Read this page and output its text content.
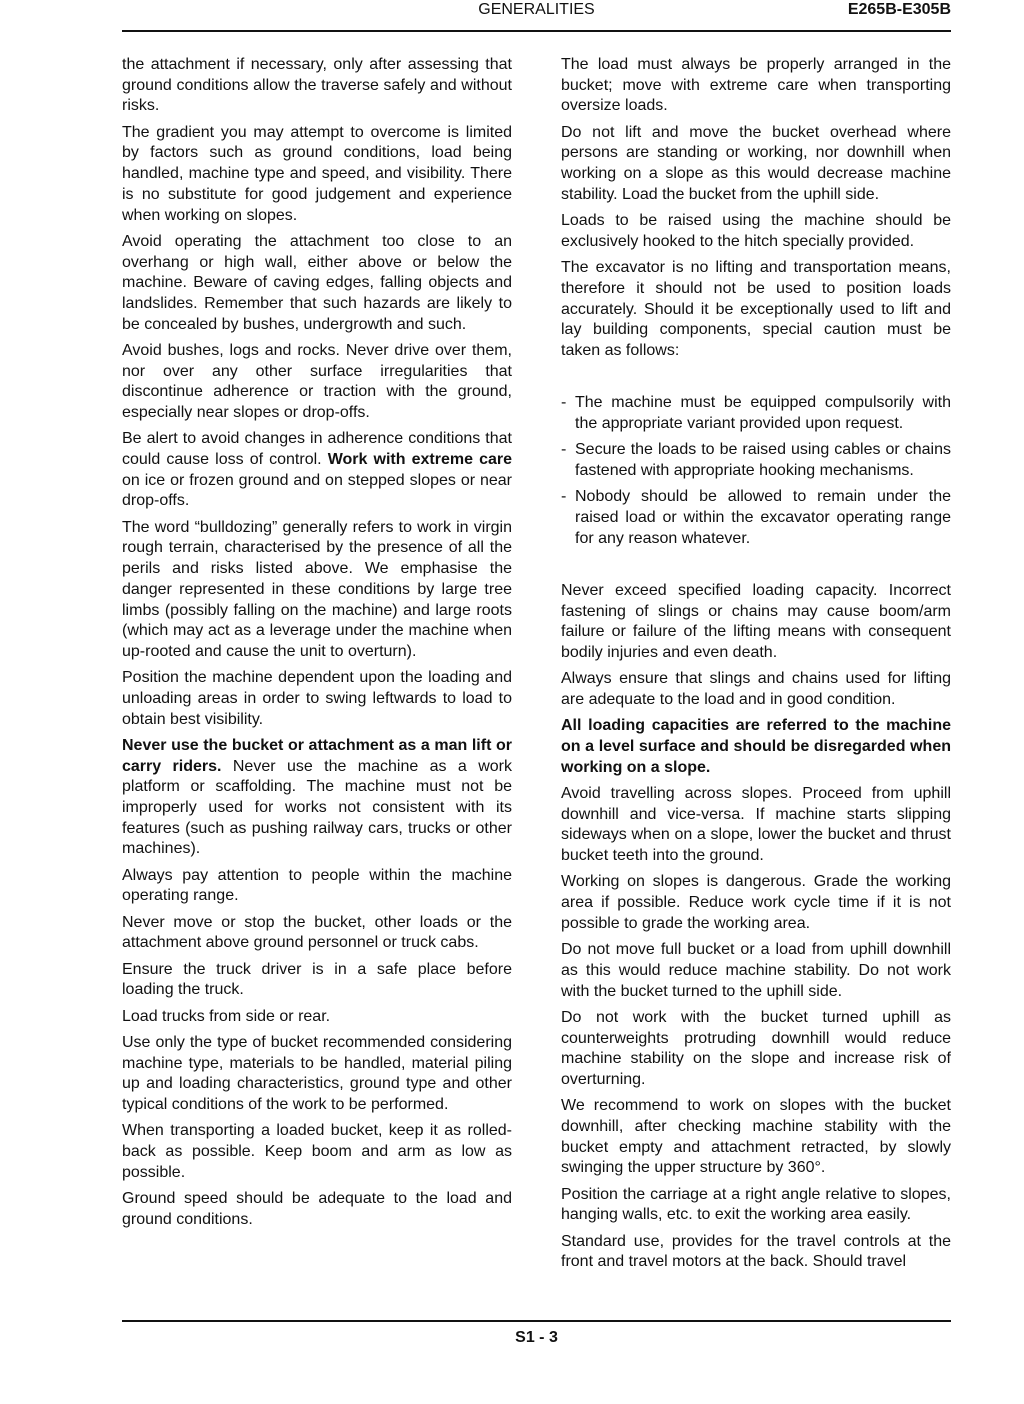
GENERALITIES	E265B-E305B

the attachment if necessary, only after assessing that ground conditions allow the traverse safely and without risks.

The gradient you may attempt to overcome is limited by factors such as ground conditions, load being handled, machine type and speed, and visibility. There is no substitute for good judgement and experience when working on slopes.

Avoid operating the attachment too close to an overhang or high wall, either above or below the machine. Beware of caving edges, falling objects and landslides. Remember that such hazards are likely to be concealed by bushes, undergrowth and such.

Avoid bushes, logs and rocks. Never drive over them, nor over any other surface irregularities that discontinue adherence or traction with the ground, especially near slopes or drop-offs.

Be alert to avoid changes in adherence conditions that could cause loss of control. Work with extreme care on ice or frozen ground and on stepped slopes or near drop-offs.

The word “bulldozing” generally refers to work in virgin rough terrain, characterised by the presence of all the perils and risks listed above. We emphasise the danger represented in these conditions by large tree limbs (possibly falling on the machine) and large roots (which may act as a leverage under the machine when up-rooted and cause the unit to overturn).

Position the machine dependent upon the loading and unloading areas in order to swing leftwards to load to obtain best visibility.

Never use the bucket or attachment as a man lift or carry riders. Never use the machine as a work platform or scaffolding. The machine must not be improperly used for works not consistent with its features (such as pushing railway cars, trucks or other machines).

Always pay attention to people within the machine operating range.

Never move or stop the bucket, other loads or the attachment above ground personnel or truck cabs.

Ensure the truck driver is in a safe place before loading the truck.

Load trucks from side or rear.

Use only the type of bucket recommended considering machine type, materials to be handled, material piling up and loading characteristics, ground type and other typical conditions of the work to be performed.

When transporting a loaded bucket, keep it as rolled-back as possible. Keep boom and arm as low as possible.

Ground speed should be adequate to the load and ground conditions.

The load must always be properly arranged in the bucket; move with extreme care when transporting oversize loads.

Do not lift and move the bucket overhead where persons are standing or working, nor downhill when working on a slope as this would decrease machine stability. Load the bucket from the uphill side.

Loads to be raised using the machine should be exclusively hooked to the hitch specially provided.

The excavator is no lifting and transportation means, therefore it should not be used to position loads accurately. Should it be exceptionally used to lift and lay building components, special caution must be taken as follows:

- The machine must be equipped compulsorily with the appropriate variant provided upon request.
- Secure the loads to be raised using cables or chains fastened with appropriate hooking mechanisms.
- Nobody should be allowed to remain under the raised load or within the excavator operating range for any reason whatever.

Never exceed specified loading capacity. Incorrect fastening of slings or chains may cause boom/arm failure or failure of the lifting means with consequent bodily injuries and even death.

Always ensure that slings and chains used for lifting are adequate to the load and in good condition.

All loading capacities are referred to the machine on a level surface and should be disregarded when working on a slope.

Avoid travelling across slopes. Proceed from uphill downhill and vice-versa. If machine starts slipping sideways when on a slope, lower the bucket and thrust bucket teeth into the ground.

Working on slopes is dangerous. Grade the working area if possible. Reduce work cycle time if it is not possible to grade the working area.

Do not move full bucket or a load from uphill downhill as this would reduce machine stability. Do not work with the bucket turned to the uphill side.

Do not work with the bucket turned uphill as counterweights protruding downhill would reduce machine stability on the slope and increase risk of overturning.

We recommend to work on slopes with the bucket downhill, after checking machine stability with the bucket empty and attachment retracted, by slowly swinging the upper structure by 360°.

Position the carriage at a right angle relative to slopes, hanging walls, etc. to exit the working area easily.

Standard use, provides for the travel controls at the front and travel motors at the back. Should travel

S1 - 3
